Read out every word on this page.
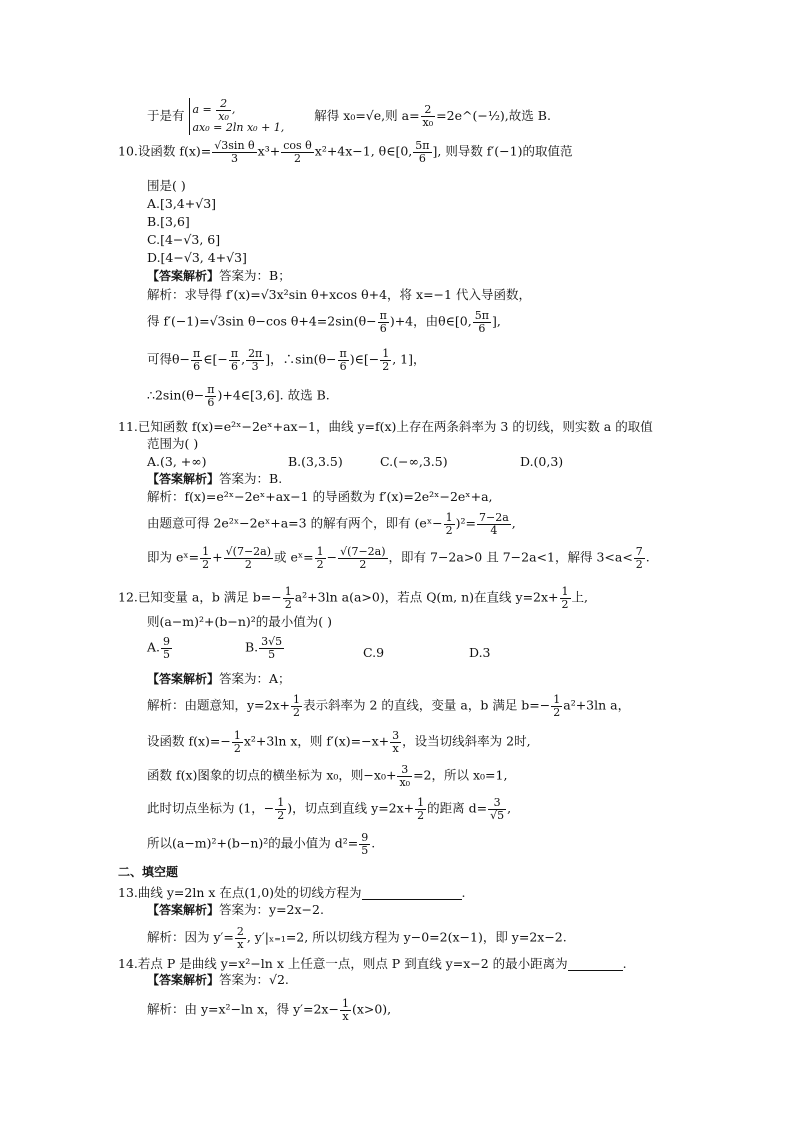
于是有 $a = \frac{2}{\text{x₀}}$ ,
ax₀ = 2ln x₀ + 1,
解得 x₀=√e,则 $a= \frac{2}{\text{x₀}}$ =2e^(−½),故选 B.
10.设函数 $f(x)= \frac{\text{√3sin θ}}{3} x^3+ \frac{\text{cos θ}}{2} x^2+4x-1$, θ∈[0, $\frac{5\pi}{6}$ ], 则导数 f′(−1)的取值范
围是( )
A.[3,4+√3]
B.[3,6]
C.[4−√3, 6]
D.[4−√3, 4+√3]
【答案解析】答案为：B；
解析：求导得 f′(x)=√3x²sin θ+xcos θ+4，将 x=−1 代入导函数，
得 f′(−1)=√3sin θ−cos $\theta+4=2\sin(\theta- \frac{\pi}{6} )+4$，由θ∈[0, $\frac{5\pi}{6}$ ],
可得$\theta- \frac{\pi}{6}$ ∈[− $\frac{\pi}{6}$ , $\frac{2\pi}{3}$ ]，∴sin(θ− $\frac{\pi}{6}$ )∈[− $\frac{1}{2}$ , 1]，
∴2sin(θ− $\frac{\pi}{6}$ )+4∈[3,6]. 故选 B.
11.已知函数 f(x)=e²ˣ−2eˣ+ax−1，曲线 y=f(x)上存在两条斜率为 3 的切线，则实数 a 的取值
范围为( )
A.(3, +∞)	B.(3,3.5)	C.(−∞,3.5)	D.(0,3)
【答案解析】答案为：B.
解析：f(x)=e²ˣ−2eˣ+ax−1 的导函数为 f′(x)=2e²ˣ−2eˣ+a,
由题意可得 2e²ˣ−2eˣ+a=3 的解有两个，即有 (eˣ− $\frac{1}{2} )^2= \frac{7-2a}{4}$ ,
即为 eˣ= $\frac{1}{2} + \frac{√(7-2a)}{2}$ 或 eˣ= $\frac{1}{2} - \frac{√(7-2a)}{2}$ ，即有 7−2a>0 且 7−2a<1，解得 $3<a< \frac{7}{2}$ .
12.已知变量 a，b 满足 $b=- \frac{1}{2} a^2+3\ln$ a(a>0)，若点 Q(m, n)在直线 $y=2x+ \frac{1}{2}$ 上,
则(a−m)²+(b−n)²的最小值为( )
A. $\frac{9}{5}$	B. $\frac{3√5}{5}$	C.9	D.3
【答案解析】答案为：A；
解析：由题意知，$y=2x+ \frac{1}{2}$ 表示斜率为 2 的直线，变量 a，b 满足 $b=- \frac{1}{2} a^2+3\ln$ a，
设函数 $f(x)=- \frac{1}{2} x^2+3\ln$ x，则 $f'(x)=-x+ \frac{3}{x}$ ，设当切线斜率为 2时,
函数 f(x)图象的切点的横坐标为 x₀，则$-x_0+ \frac{3}{\text{x₀}} =2$，所以 x₀=1,
此时切点坐标为 (1，− $\frac{1}{2}$ )，切点到直线 $y=2x+ \frac{1}{2}$ 的距离 $d= \frac{3}{√5}$ ,
所以(a−m)²+(b−n)²的最小值为 $d^2= \frac{9}{5}$ .
二、填空题
13.曲线 y=2ln x 在点(1,0)处的切线方程为	.
【答案解析】答案为：y=2x−2.
解析：因为 $y'= \frac{2}{x}$ , y′|ₓ₌₁=2, 所以切线方程为 y−0=2(x−1)，即 y=2x−2.
14.若点 P 是曲线 y=x²−ln x 上任意一点，则点 P 到直线 y=x−2 的最小距离为	.
【答案解析】答案为：√2.
解析：由 y=x²−ln x，得 $y'=2x- \frac{1}{x} (x>0)$,
